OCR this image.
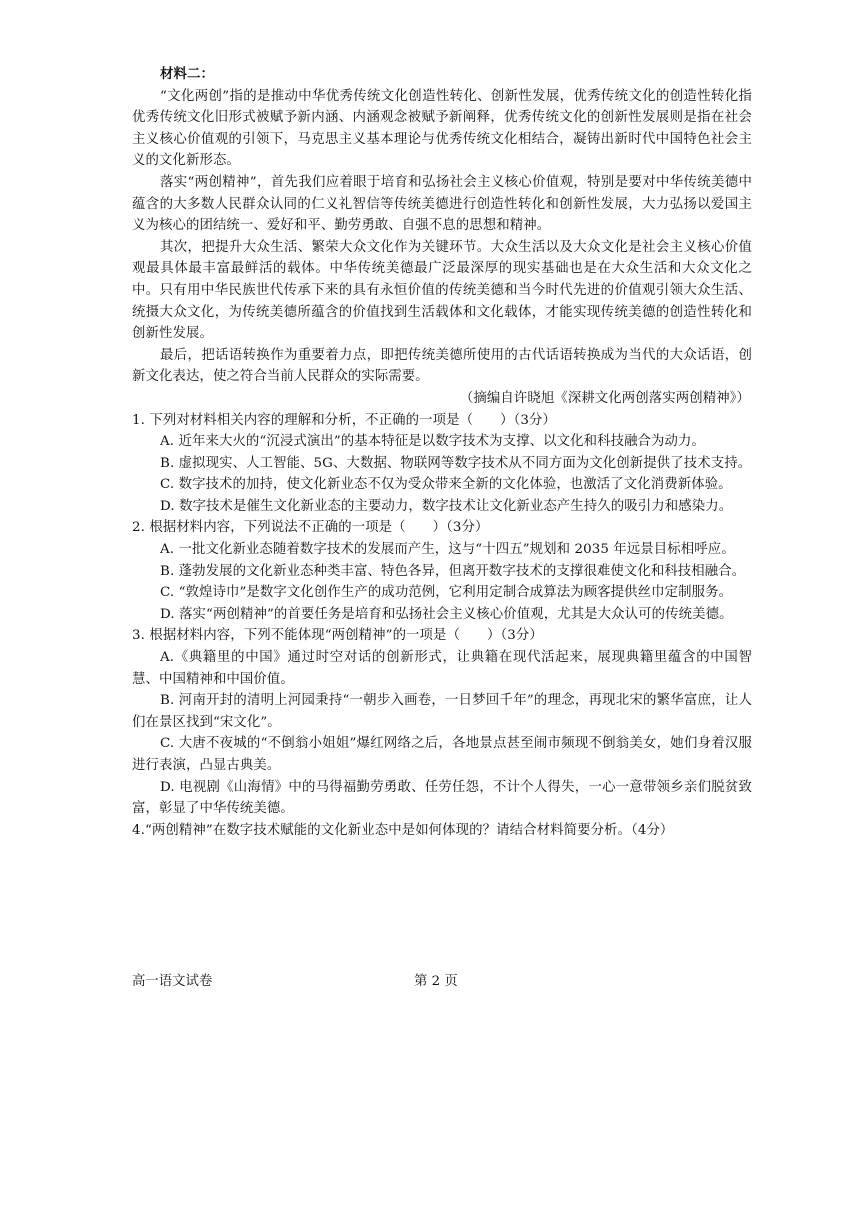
材料二：

“文化两创”指的是推动中华优秀传统文化创造性转化、创新性发展，优秀传统文化的创造性转化指优秀传统文化旧形式被赋予新内涵、内涵观念被赋予新阐释，优秀传统文化的创新性发展则是指在社会主义核心价值观的引领下，马克思主义基本理论与优秀传统文化相结合，凝铸出新时代中国特色社会主义的文化新形态。

落实“两创精神”，首先我们应着眼于培育和弘扬社会主义核心价值观，特别是要对中华传统美德中蕴含的大多数人民群众认同的仁义礼智信等传统美德进行创造性转化和创新性发展，大力弘扬以爱国主义为核心的团结统一、爱好和平、勤劳勇敢、自强不息的思想和精神。

其次，把提升大众生活、繁荣大众文化作为关键环节。大众生活以及大众文化是社会主义核心价值观最具体最丰富最鲜活的载体。中华传统美德最广泛最深厚的现实基础也是在大众生活和大众文化之中。只有用中华民族世代传承下来的具有永恒价值的传统美德和当今时代先进的价值观引领大众生活、统摄大众文化，为传统美德所蕴含的价值找到生活载体和文化载体，才能实现传统美德的创造性转化和创新性发展。

最后，把话语转换作为重要着力点，即把传统美德所使用的古代话语转换成为当代的大众话语，创新文化表达，使之符合当前人民群众的实际需要。

（摘编自许晓旭《深耕文化两创落实两创精神》）

1. 下列对材料相关内容的理解和分析，不正确的一项是（　　）（3分）

A. 近年来大火的“沉浸式演出”的基本特征是以数字技术为支撑、以文化和科技融合为动力。

B. 虚拟现实、人工智能、5G、大数据、物联网等数字技术从不同方面为文化创新提供了技术支持。

C. 数字技术的加持，使文化新业态不仅为受众带来全新的文化体验，也激活了文化消费新体验。

D. 数字技术是催生文化新业态的主要动力，数字技术让文化新业态产生持久的吸引力和感染力。

2. 根据材料内容，下列说法不正确的一项是（　　）（3分）

A. 一批文化新业态随着数字技术的发展而产生，这与“十四五”规划和 2035 年远景目标相呼应。

B. 蓬勃发展的文化新业态种类丰富、特色各异，但离开数字技术的支撑很难使文化和科技相融合。

C. “敦煌诗巾”是数字文化创作生产的成功范例，它利用定制合成算法为顾客提供丝巾定制服务。

D. 落实“两创精神”的首要任务是培育和弘扬社会主义核心价值观，尤其是大众认可的传统美德。

3. 根据材料内容，下列不能体现“两创精神”的一项是（　　）（3分）

A.《典籍里的中国》通过时空对话的创新形式，让典籍在现代活起来，展现典籍里蕴含的中国智慧、中国精神和中国价值。

B. 河南开封的清明上河园秉持“一朝步入画卷，一日梦回千年”的理念，再现北宋的繁华富庶，让人们在景区找到“宋文化”。

C. 大唐不夜城的“不倒翁小姐姐”爆红网络之后，各地景点甚至闹市频现不倒翁美女，她们身着汉服进行表演，凸显古典美。

D. 电视剧《山海情》中的马得福勤劳勇敢、任劳任怨，不计个人得失，一心一意带领乡亲们脱贫致富，彰显了中华传统美德。

4.“两创精神”在数字技术赋能的文化新业态中是如何体现的？请结合材料简要分析。（4分）

高一语文试卷	第 2 页
